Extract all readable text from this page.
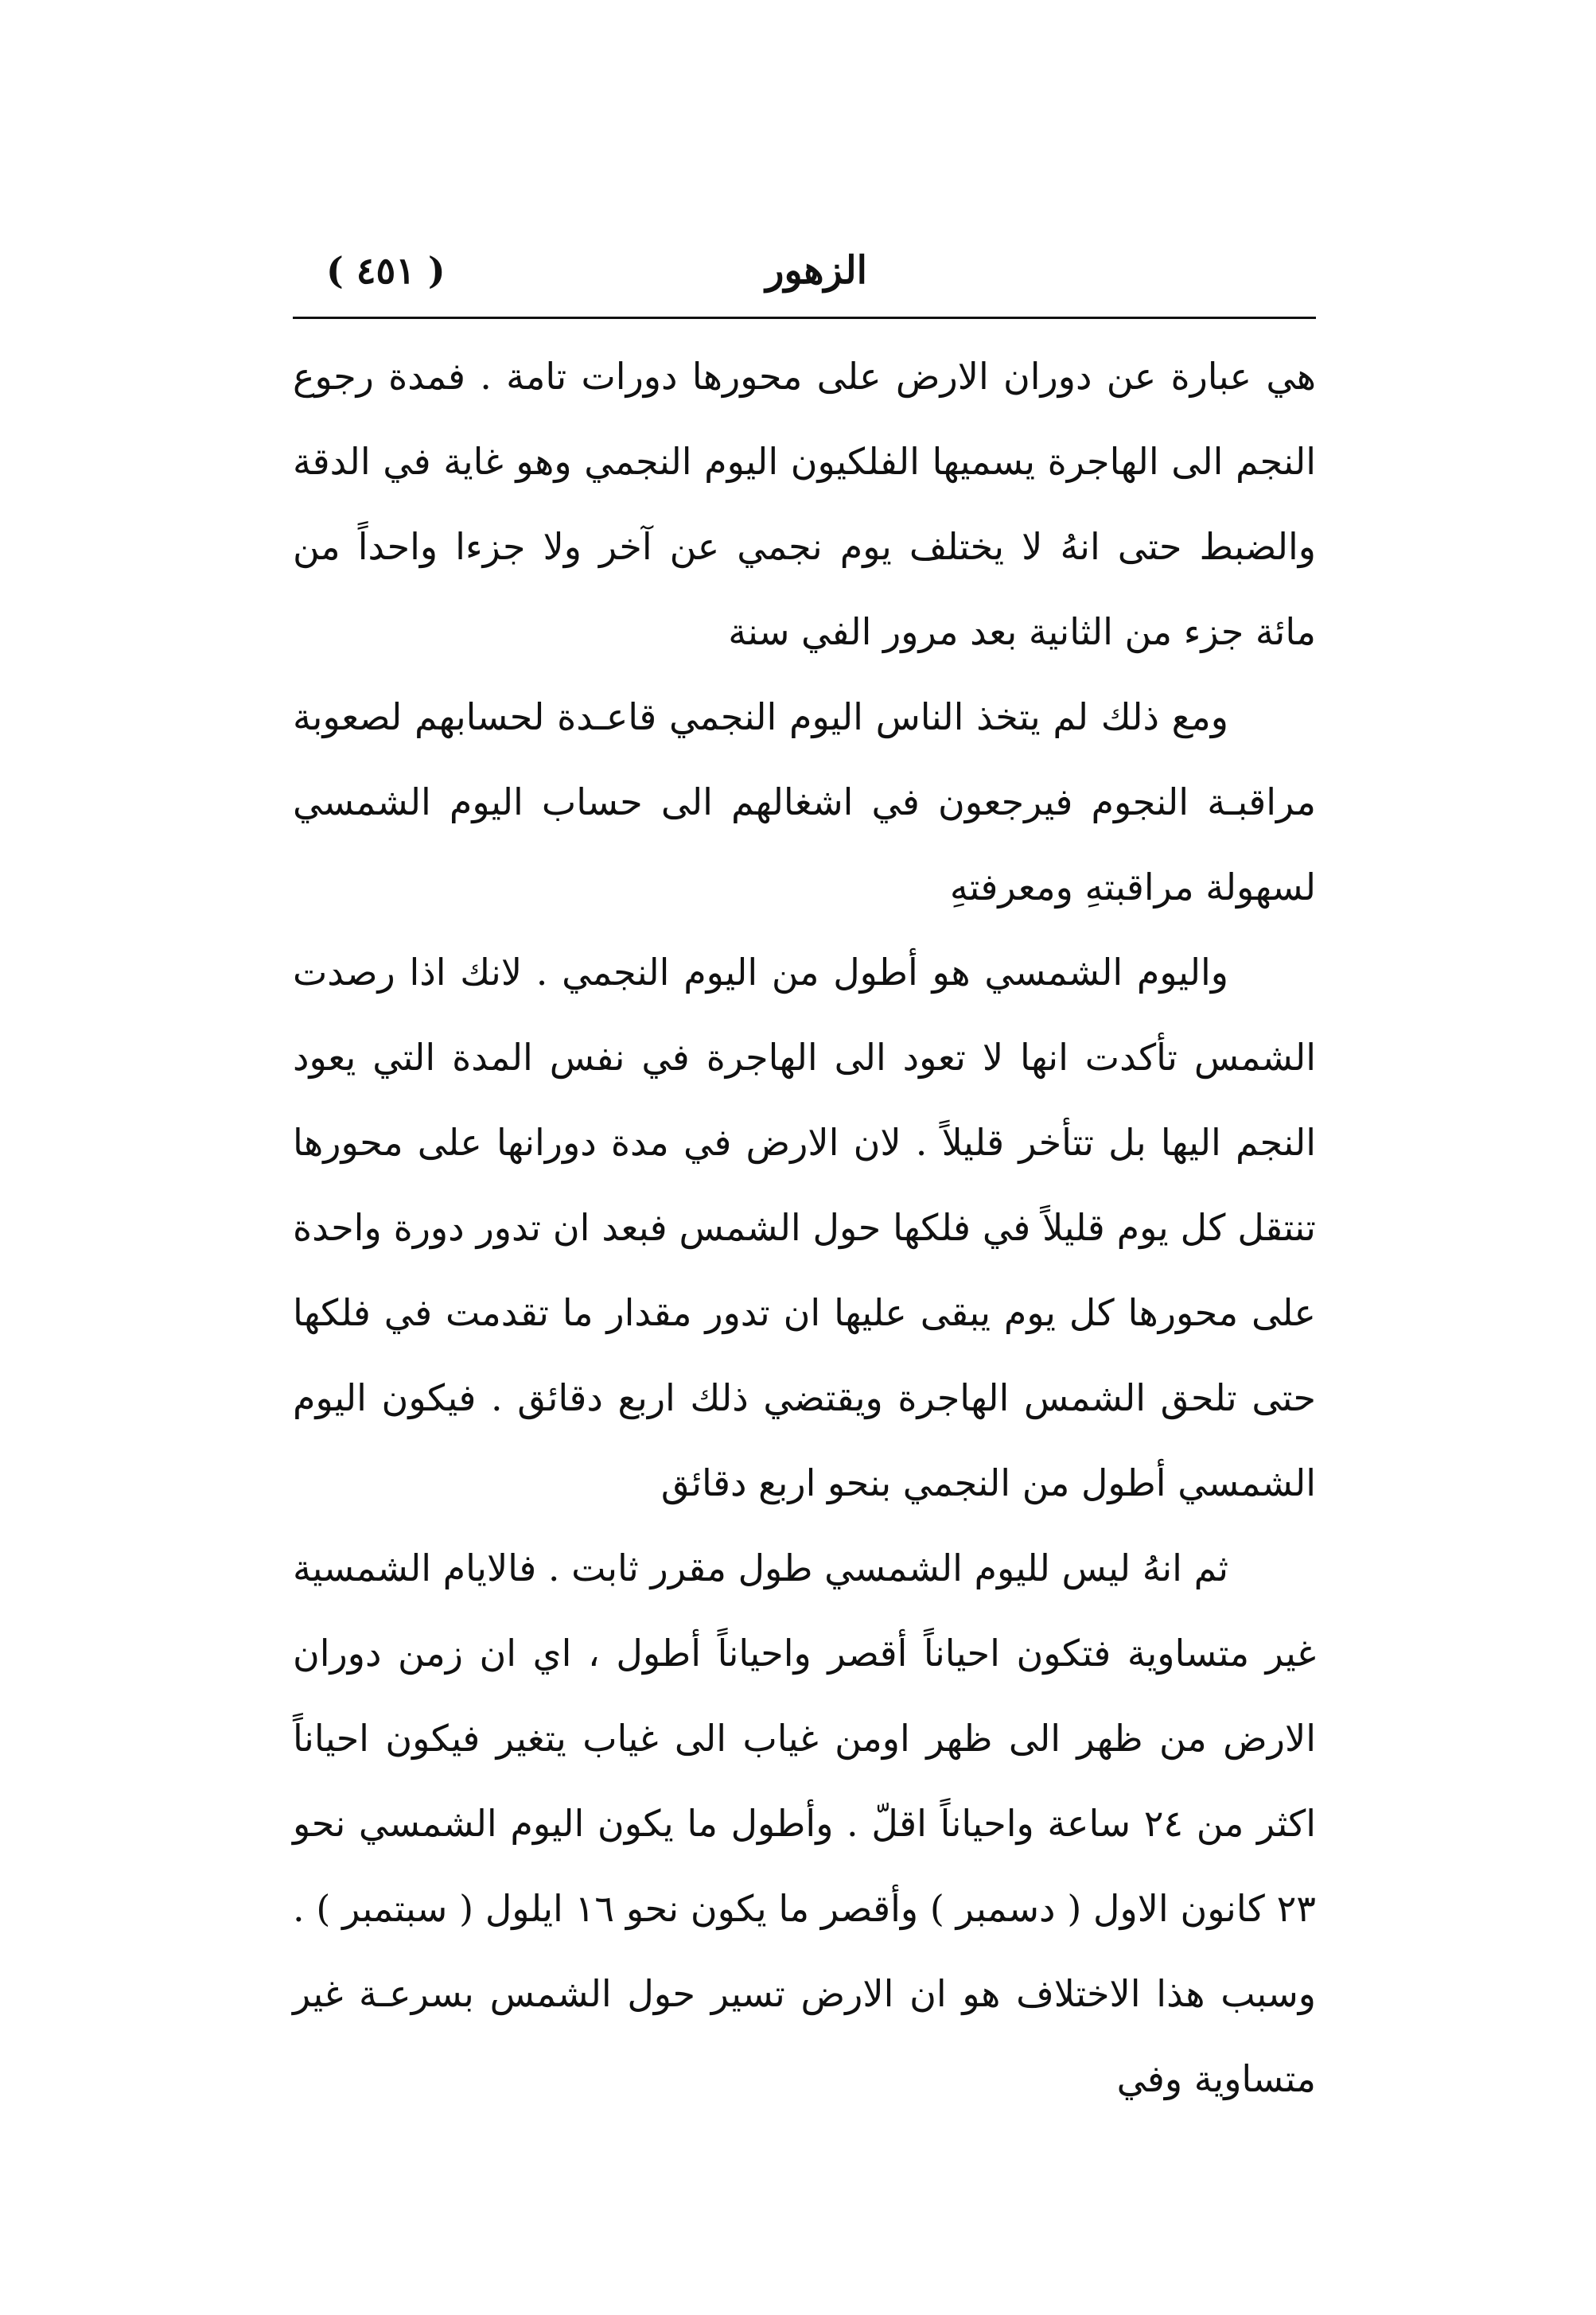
الزهور
( ٤٥١ )

هي عبارة عن دوران الارض على محورها دورات تامة . فمدة رجوع النجم الى الهاجرة يسميها الفلكيون اليوم النجمي وهو غاية في الدقة والضبط حتى انهُ لا يختلف يوم نجمي عن آخر ولا جزءا واحداً من مائة جزء من الثانية بعد مرور الفي سنة

ومع ذلك لم يتخذ الناس اليوم النجمي قاعـدة لحسابهم لصعوبة مراقبـة النجوم فيرجعون في اشغالهم الى حساب اليوم الشمسي لسهولة مراقبتهِ ومعرفتهِ

واليوم الشمسي هو أطول من اليوم النجمي . لانك اذا رصدت الشمس تأكدت انها لا تعود الى الهاجرة في نفس المدة التي يعود النجم اليها بل تتأخر قليلاً . لان الارض في مدة دورانها على محورها تنتقل كل يوم قليلاً في فلكها حول الشمس فبعد ان تدور دورة واحدة على محورها كل يوم يبقى عليها ان تدور مقدار ما تقدمت في فلكها حتى تلحق الشمس الهاجرة ويقتضي ذلك اربع دقائق . فيكون اليوم الشمسي أطول من النجمي بنحو اربع دقائق

ثم انهُ ليس لليوم الشمسي طول مقرر ثابت . فالايام الشمسية غير متساوية فتكون احياناً أقصر واحياناً أطول ، اي ان زمن دوران الارض من ظهر الى ظهر اومن غياب الى غياب يتغير فيكون احياناً اكثر من ٢٤ ساعة واحياناً اقلّ . وأطول ما يكون اليوم الشمسي نحو ٢٣ كانون الاول ( دسمبر ) وأقصر ما يكون نحو ١٦ ايلول ( سبتمبر ) . وسبب هذا الاختلاف هو ان الارض تسير حول الشمس بسرعـة غير متساوية وفي
